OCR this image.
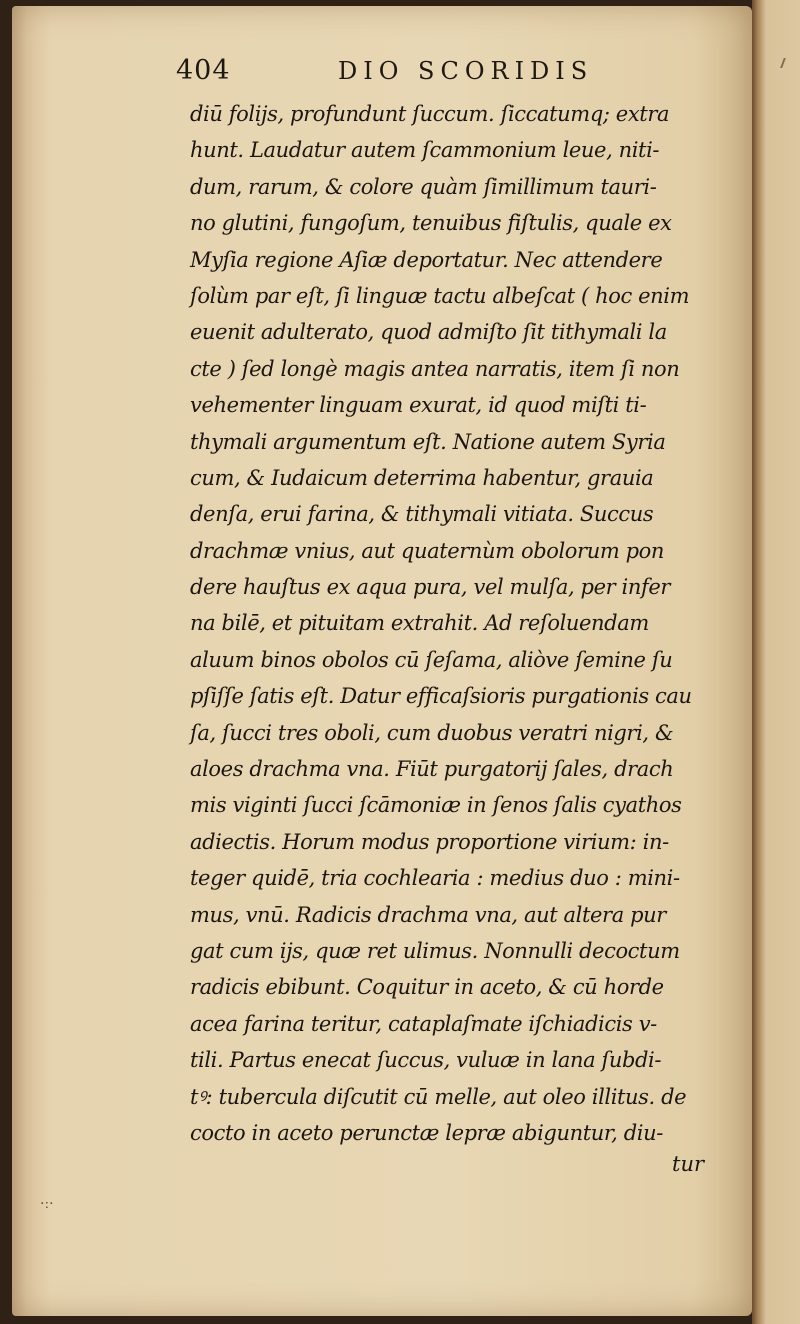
404	DIO SCORIDIS
diū folijs, profundunt ſuccum. ſiccatumq; extra
hunt. Laudatur autem ſcammonium leue, niti-
dum, rarum, & colore quàm ſimillimum tauri-
no glutini, fungoſum, tenuibus fiſtulis, quale ex
Myſia regione Aſiæ deportatur. Nec attendere
ſolùm par eſt, ſi linguæ tactu albeſcat ( hoc enim
euenit adulterato, quod admiſto ſit tithymali la
cte ) ſed longè magis antea narratis, item ſi non
vehementer linguam exurat, id quod miſti ti-
thymali argumentum eſt. Natione autem Syria
cum, & Iudaicum deterrima habentur, grauia
denſa, erui farina, & tithymali vitiata. Succus
drachmæ vnius, aut quaternùm obolorum pon
dere hauſtus ex aqua pura, vel mulſa, per infer
na bilē, et pituitam extrahit. Ad reſoluendam
aluum binos obolos cū ſeſama, aliòve ſemine ſu
pſiſſe ſatis eſt. Datur efficaſsioris purgationis cau
ſa, ſucci tres oboli, cum duobus veratri nigri, &
aloes drachma vna. Fiūt purgatorij ſales, drach
mis viginti ſucci ſcāmoniæ in ſenos ſalis cyathos
adiectis. Horum modus proportione virium: in-
teger quidē, tria cochlearia : medius duo : mini-
mus, vnū. Radicis drachma vna, aut altera pur
gat cum ijs, quæ ret ulimus. Nonnulli decoctum
radicis ebibunt. Coquitur in aceto, & cū horde
acea farina teritur, cataplaſmate iſchiadicis v-
tili. Partus enecat ſuccus, vuluæ in lana ſubdi-
tꝰ: tubercula diſcutit cū melle, aut oleo illitus. de
cocto in aceto perunctæ lepræ abiguntur, diu-
tur
·ː·
